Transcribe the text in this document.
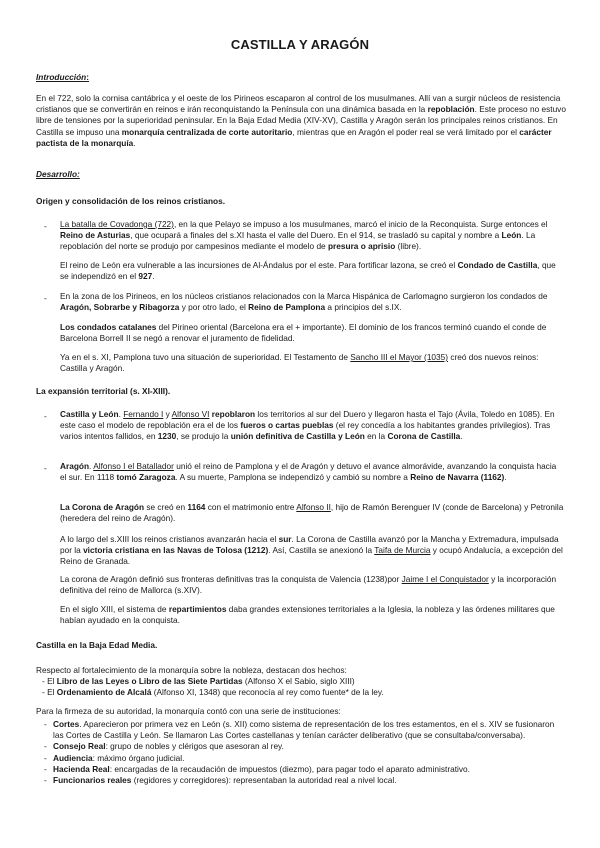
CASTILLA Y ARAGÓN
Introducción:
En el 722, solo la cornisa cantábrica y el oeste de los Pirineos escaparon al control de los musulmanes. Allí van a surgir núcleos de resistencia cristianos que se convertirán en reinos e irán reconquistando la Península con una dinámica basada en la repoblación. Este proceso no estuvo libre de tensiones por la superioridad peninsular. En la Baja Edad Media (XIV-XV), Castilla y Aragón serán los principales reinos cristianos. En Castilla se impuso una monarquía centralizada de corte autoritario, mientras que en Aragón el poder real se verá limitado por el carácter pactista de la monarquía.
Desarrollo:
Origen y consolidación de los reinos cristianos.
- La batalla de Covadonga (722), en la que Pelayo se impuso a los musulmanes, marcó el inicio de la Reconquista. Surge entonces el Reino de Asturias, que ocupará a finales del s.XI hasta el valle del Duero. En el 914, se trasladó su capital y nombre a León. La repoblación del norte se produjo por campesinos mediante el modelo de presura o aprisio (libre).
El reino de León era vulnerable a las incursiones de Al-Ándalus por el este. Para fortificar lazona, se creó el Condado de Castilla, que se independizó en el 927.
- En la zona de los Pirineos, en los núcleos cristianos relacionados con la Marca Hispánica de Carlomagno surgieron los condados de Aragón, Sobrarbe y Ribagorza y por otro lado, el Reino de Pamplona a principios del s.IX.
Los condados catalanes del Pirineo oriental (Barcelona era el + importante). El dominio de los francos terminó cuando el conde de Barcelona Borrell II se negó a renovar el juramento de fidelidad.
Ya en el s. XI, Pamplona tuvo una situación de superioridad. El Testamento de Sancho III el Mayor (1035) creó dos nuevos reinos: Castilla y Aragón.
La expansión territorial (s. XI-XIII).
- Castilla y León. Fernando I y Alfonso VI repoblaron los territorios al sur del Duero y llegaron hasta el Tajo (Ávila, Toledo en 1085). En este caso el modelo de repoblación era el de los fueros o cartas pueblas (el rey concedía a los habitantes grandes privilegios). Tras varios intentos fallidos, en 1230, se produjo la unión definitiva de Castilla y León en la Corona de Castilla.
- Aragón. Alfonso I el Batallador unió el reino de Pamplona y el de Aragón y detuvo el avance almorávide, avanzando la conquista hacia el sur. En 1118 tomó Zaragoza. A su muerte, Pamplona se independizó y cambió su nombre a Reino de Navarra (1162).
La Corona de Aragón se creó en 1164 con el matrimonio entre Alfonso II, hijo de Ramón Berenguer IV (conde de Barcelona) y Petronila (heredera del reino de Aragón).
A lo largo del s.XIII los reinos cristianos avanzarán hacia el sur. La Corona de Castilla avanzó por la Mancha y Extremadura, impulsada por la victoria cristiana en las Navas de Tolosa (1212). Así, Castilla se anexionó la Taifa de Murcia y ocupó Andalucía, a excepción del Reino de Granada.
La corona de Aragón definió sus fronteras definitivas tras la conquista de Valencia (1238)por Jaime I el Conquistador y la incorporación definitiva del reino de Mallorca (s.XIV).
En el siglo XIII, el sistema de repartimientos daba grandes extensiones territoriales a la Iglesia, la nobleza y las órdenes militares que habían ayudado en la conquista.
Castilla en la Baja Edad Media.
Respecto al fortalecimiento de la monarquía sobre la nobleza, destacan dos hechos:
- El Libro de las Leyes o Libro de las Siete Partidas (Alfonso X el Sabio, siglo XIII)
- El Ordenamiento de Alcalá (Alfonso XI, 1348) que reconocía al rey como fuente* de la ley.
Para la firmeza de su autoridad, la monarquía contó con una serie de instituciones:
- Cortes. Aparecieron por primera vez en León (s. XII) como sistema de representación de los tres estamentos, en el s. XIV se fusionaron las Cortes de Castilla y León. Se llamaron Las Cortes castellanas y tenían carácter deliberativo (que se consultaba/conversaba).
- Consejo Real: grupo de nobles y clérigos que asesoran al rey.
- Audiencia: máximo órgano judicial.
- Hacienda Real: encargadas de la recaudación de impuestos (diezmo), para pagar todo el aparato administrativo.
- Funcionarios reales (regidores y corregidores): representaban la autoridad real a nivel local.
